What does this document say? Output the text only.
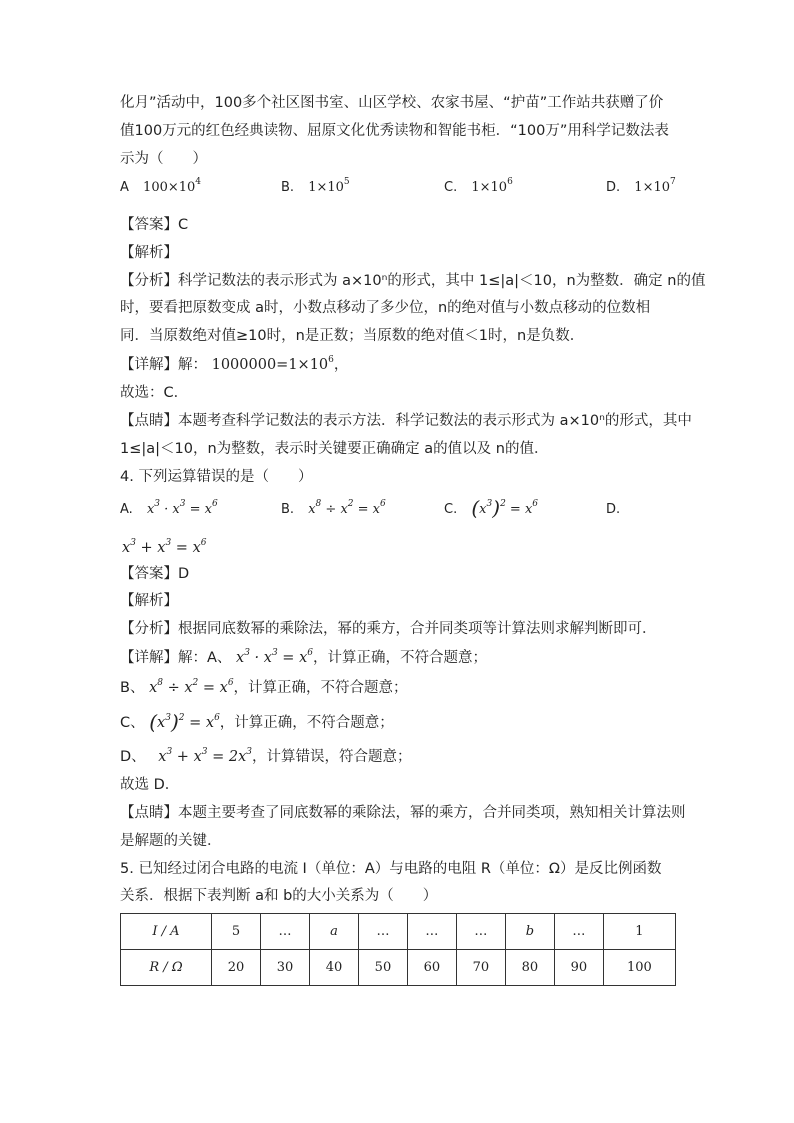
化月”活动中，100多个社区图书室、山区学校、农家书屋、“护苗”工作站共获赠了价
值100万元的红色经典读物、屈原文化优秀读物和智能书柜．“100万”用科学记数法表
示为（　　）
A $100\times 10^4$	B. $1\times 10^5$	C. $1\times 10^6$	D. $1\times 10^7$
【答案】C
【解析】
【分析】科学记数法的表示形式为 a×10ⁿ的形式，其中 1≤|a|＜10，n为整数．确定 n的值
时，要看把原数变成 a时，小数点移动了多少位，n的绝对值与小数点移动的位数相
同．当原数绝对值≥10时，n是正数；当原数的绝对值＜1时，n是负数．
【详解】解： $1000000=1\times 10^6$，
故选：C．
【点睛】本题考查科学记数法的表示方法．科学记数法的表示形式为 a×10ⁿ的形式，其中
1≤|a|＜10，n为整数，表示时关键要正确确定 a的值以及 n的值．
4. 下列运算错误的是（　　）
A. $x^3 \cdot x^3 = x^6$	B. $x^8 \div x^2 = x^6$	C. $(x^3)^2 = x^6$	D.
$x^3 + x^3 = x^6$
【答案】D
【解析】
【分析】根据同底数幂的乘除法，幂的乘方，合并同类项等计算法则求解判断即可．
【详解】解：A、 $x^3 \cdot x^3 = x^6$，计算正确，不符合题意；
B、 $x^8 \div x^2 = x^6$，计算正确，不符合题意；
C、 $(x^3)^2 = x^6$，计算正确，不符合题意；
D、 $x^3 + x^3 = 2x^3$，计算错误，符合题意；
故选 D．
【点睛】本题主要考查了同底数幂的乘除法，幂的乘方，合并同类项，熟知相关计算法则
是解题的关键．
5. 已知经过闭合电路的电流 I（单位：A）与电路的电阻 R（单位：Ω）是反比例函数
关系．根据下表判断 a和 b的大小关系为（　　）
I / A	5	…	a	…	…	…	b	…	1
R / Ω	20	30	40	50	60	70	80	90	100
